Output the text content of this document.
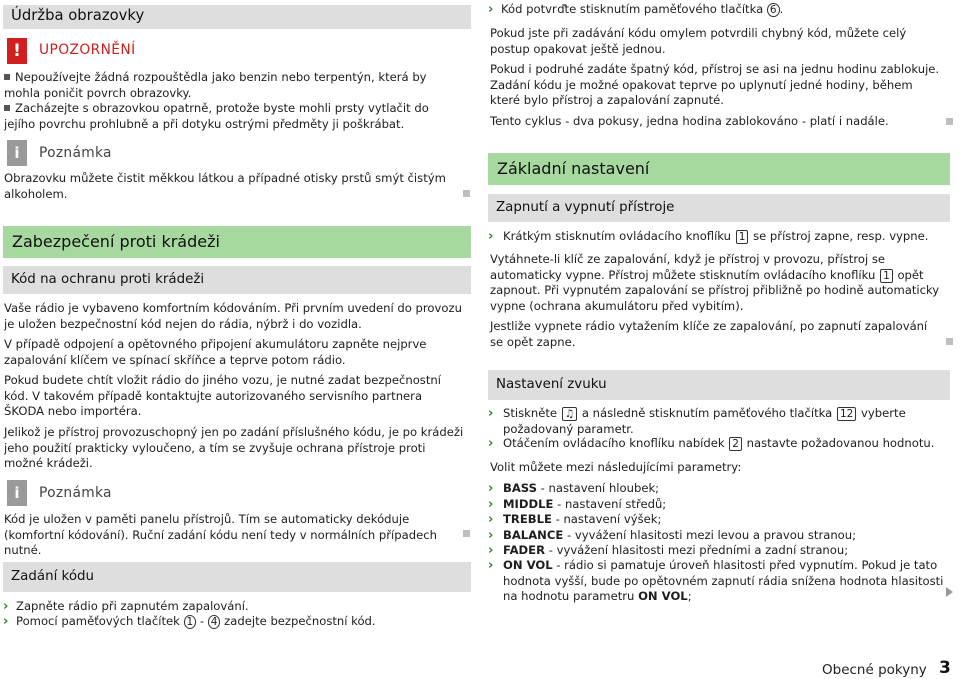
Údržba obrazovky
!	UPOZORNĚNÍ
Nepoužívejte žádná rozpouštědla jako benzin nebo terpentýn, která by mohla poničit povrch obrazovky.
Zacházejte s obrazovkou opatrně, protože byste mohli prsty vytlačit do jejího povrchu prohlubně a při dotyku ostrými předměty ji poškrábat.
i	Poznámka
Obrazovku můžete čistit měkkou látkou a případné otisky prstů smýt čistým alkoholem.
Zabezpečení proti krádeži
Kód na ochranu proti krádeži
Vaše rádio je vybaveno komfortním kódováním. Při prvním uvedení do provozu je uložen bezpečnostní kód nejen do rádia, nýbrž i do vozidla.
V případě odpojení a opětovného připojení akumulátoru zapněte nejprve zapalování klíčem ve spínací skříňce a teprve potom rádio.
Pokud budete chtít vložit rádio do jiného vozu, je nutné zadat bezpečnostní kód. V takovém případě kontaktujte autorizovaného servisního partnera ŠKODA nebo importéra.
Jelikož je přístroj provozuschopný jen po zadání příslušného kódu, je po krádeži jeho použití prakticky vyloučeno, a tím se zvyšuje ochrana přístroje proti možné krádeži.
i	Poznámka
Kód je uložen v paměti panelu přístrojů. Tím se automaticky dekóduje (komfortní kódování). Ruční zadání kódu není tedy v normálních případech nutné.
Zadání kódu
› Zapněte rádio při zapnutém zapalování.
› Pomocí paměťových tlačítek 1 - 4 zadejte bezpečnostní kód.
› Kód potvrďte stisknutím paměťového tlačítka 6 .
Pokud jste při zadávání kódu omylem potvrdili chybný kód, můžete celý postup opakovat ještě jednou.
Pokud i podruhé zadáte špatný kód, přístroj se asi na jednu hodinu zablokuje. Zadání kódu je možné opakovat teprve po uplynutí jedné hodiny, během které bylo přístroj a zapalování zapnuté.
Tento cyklus - dva pokusy, jedna hodina zablokováno - platí i nadále.
Základní nastavení
Zapnutí a vypnutí přístroje
› Krátkým stisknutím ovládacího knoflíku 1 se přístroj zapne, resp. vypne.
Vytáhnete-li klíč ze zapalování, když je přístroj v provozu, přístroj se automaticky vypne. Přístroj můžete stisknutím ovládacího knoflíku 1 opět zapnout. Při vypnutém zapalování se přístroj přibližně po hodině automaticky vypne (ochrana akumulátoru před vybitím).
Jestliže vypnete rádio vytažením klíče ze zapalování, po zapnutí zapalování se opět zapne.
Nastavení zvuku
› Stiskněte ♫ a následně stisknutím paměťového tlačítka 12 vyberte požadovaný parametr.
› Otáčením ovládacího knoflíku nabídek 2 nastavte požadovanou hodnotu.
Volit můžete mezi následujícími parametry:
› BASS - nastavení hloubek;
› MIDDLE - nastavení středů;
› TREBLE - nastavení výšek;
› BALANCE - vyvážení hlasitosti mezi levou a pravou stranou;
› FADER - vyvážení hlasitosti mezi předními a zadní stranou;
› ON VOL - rádio si pamatuje úroveň hlasitosti před vypnutím. Pokud je tato hodnota vyšší, bude po opětovném zapnutí rádia snížena hodnota hlasitosti na hodnotu parametru ON VOL;
Obecné pokyny 3
